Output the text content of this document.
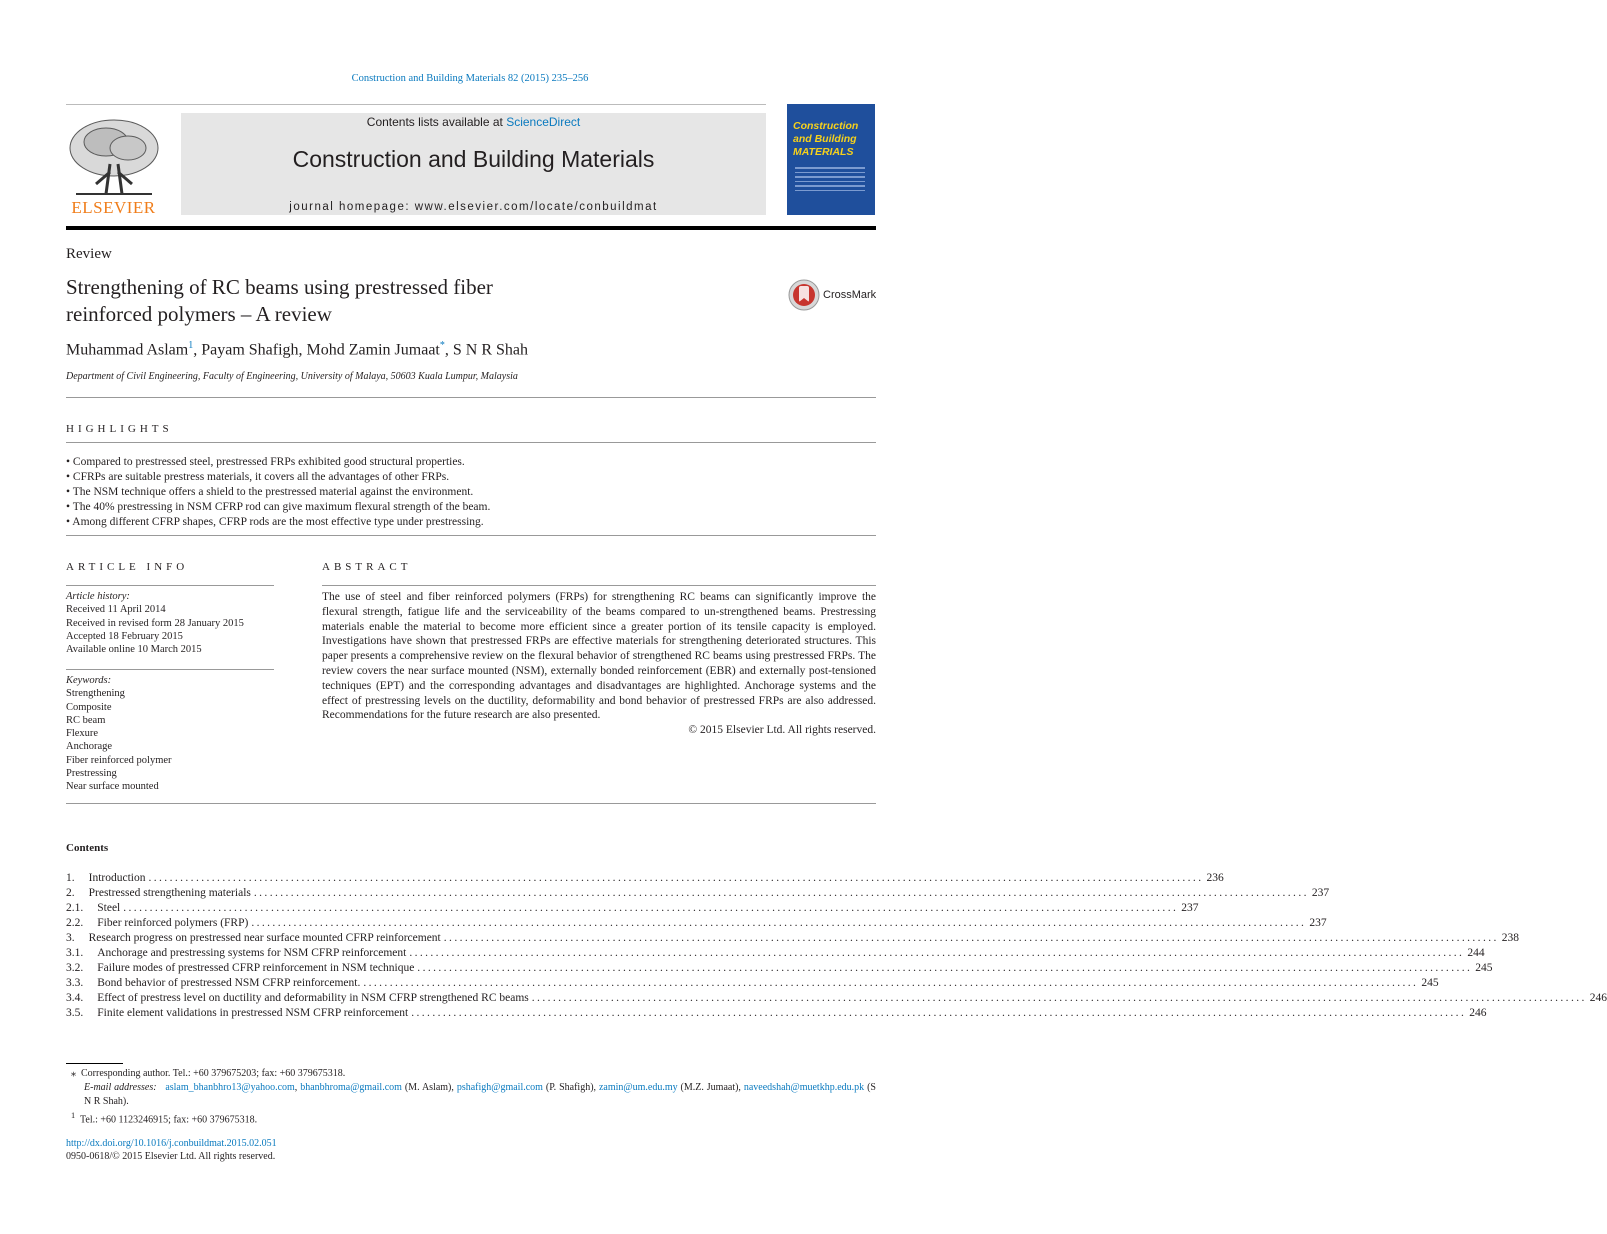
Construction and Building Materials 82 (2015) 235–256
ELSEVIER
Contents lists available at ScienceDirect
Construction and Building Materials
journal homepage: www.elsevier.com/locate/conbuildmat
Construction
and Building
MATERIALS
Review
Strengthening of RC beams using prestressed fiber
reinforced polymers – A review
CrossMark
Muhammad Aslam$^1$, Payam Shafigh, Mohd Zamin Jumaat*, S N R Shah
Department of Civil Engineering, Faculty of Engineering, University of Malaya, 50603 Kuala Lumpur, Malaysia
HIGHLIGHTS
• Compared to prestressed steel, prestressed FRPs exhibited good structural properties.
• CFRPs are suitable prestress materials, it covers all the advantages of other FRPs.
• The NSM technique offers a shield to the prestressed material against the environment.
• The 40% prestressing in NSM CFRP rod can give maximum flexural strength of the beam.
• Among different CFRP shapes, CFRP rods are the most effective type under prestressing.
ARTICLE INFO
Article history:
Received 11 April 2014
Received in revised form 28 January 2015
Accepted 18 February 2015
Available online 10 March 2015
Keywords:
Strengthening
Composite
RC beam
Flexure
Anchorage
Fiber reinforced polymer
Prestressing
Near surface mounted
ABSTRACT
The use of steel and fiber reinforced polymers (FRPs) for strengthening RC beams can significantly improve the flexural strength, fatigue life and the serviceability of the beams compared to un-strengthened beams. Prestressing materials enable the material to become more efficient since a greater portion of its tensile capacity is employed. Investigations have shown that prestressed FRPs are effective materials for strengthening deteriorated structures. This paper presents a comprehensive review on the flexural behavior of strengthened RC beams using prestressed FRPs. The review covers the near surface mounted (NSM), externally bonded reinforcement (EBR) and externally post-tensioned techniques (EPT) and the corresponding advantages and disadvantages are highlighted. Anchorage systems and the effect of prestressing levels on the ductility, deformability and bond behavior of prestressed FRPs are also addressed. Recommendations for the future research are also presented.
© 2015 Elsevier Ltd. All rights reserved.
Contents
1. Introduction ........................................................................................................................................................................................................ 236
2. Prestressed strengthening materials ........................................................................................................................................................................................................ 237
2.1. Steel ........................................................................................................................................................................................................ 237
2.2. Fiber reinforced polymers (FRP) ........................................................................................................................................................................................................ 237
3. Research progress on prestressed near surface mounted CFRP reinforcement ........................................................................................................................................................................................................ 238
3.1. Anchorage and prestressing systems for NSM CFRP reinforcement ........................................................................................................................................................................................................ 244
3.2. Failure modes of prestressed CFRP reinforcement in NSM technique ........................................................................................................................................................................................................ 245
3.3. Bond behavior of prestressed NSM CFRP reinforcement. ........................................................................................................................................................................................................ 245
3.4. Effect of prestress level on ductility and deformability in NSM CFRP strengthened RC beams ........................................................................................................................................................................................................ 246
3.5. Finite element validations in prestressed NSM CFRP reinforcement ........................................................................................................................................................................................................ 246
⁎  Corresponding author. Tel.: +60 379675203; fax: +60 379675318.
E-mail addresses: aslam_bhanbhro13@yahoo.com, bhanbhroma@gmail.com (M. Aslam), pshafigh@gmail.com (P. Shafigh), zamin@um.edu.my (M.Z. Jumaat), naveedshah@muetkhp.edu.pk (S N R Shah).
$^1$ Tel.: +60 1123246915; fax: +60 379675318.
http://dx.doi.org/10.1016/j.conbuildmat.2015.02.051
0950-0618/© 2015 Elsevier Ltd. All rights reserved.
